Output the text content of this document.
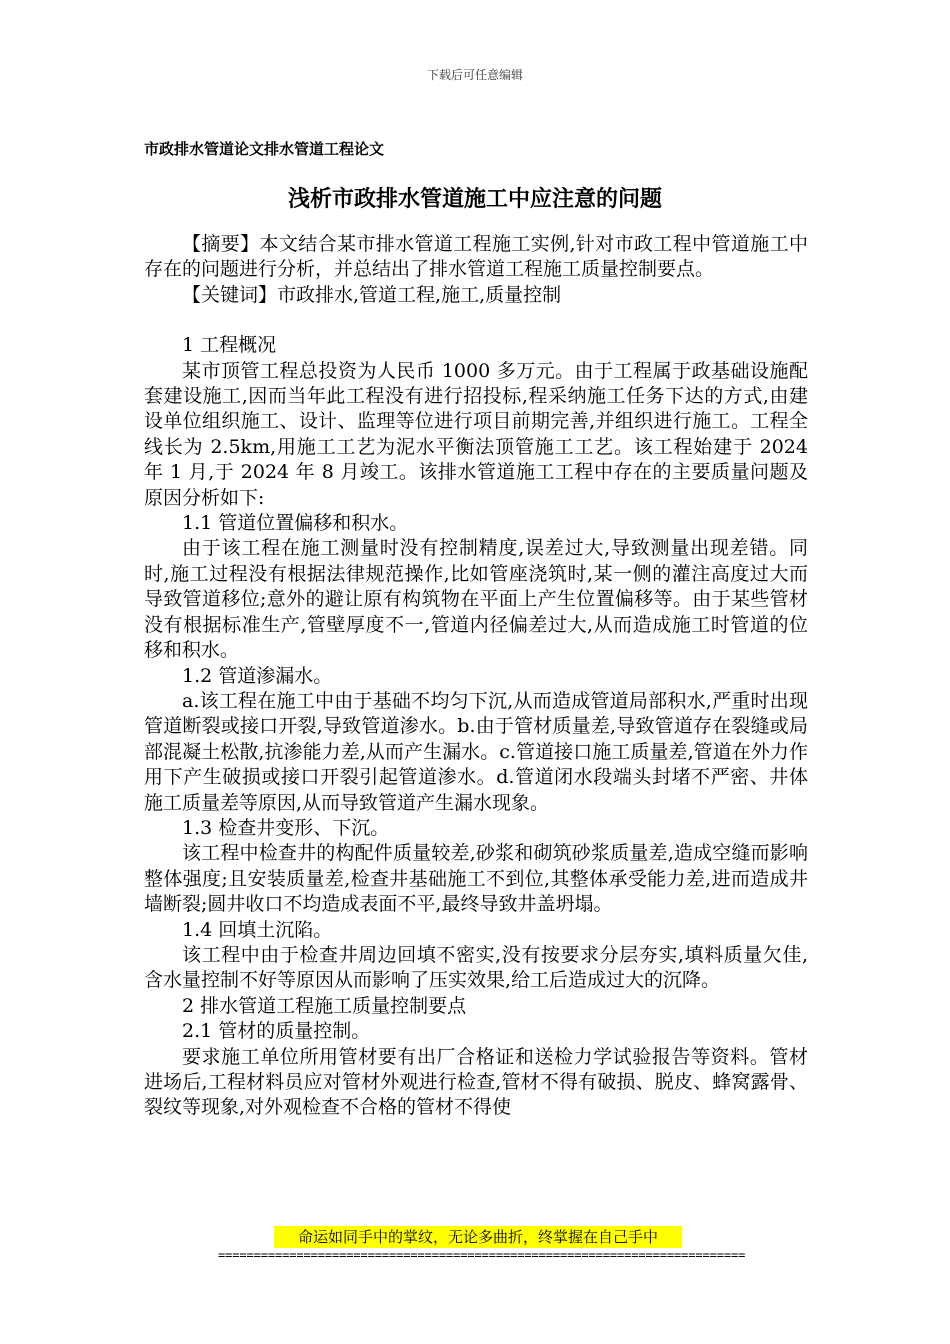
下载后可任意编辑
市政排水管道论文排水管道工程论文
浅析市政排水管道施工中应注意的问题

【摘要】本文结合某市排水管道工程施工实例,针对市政工程中管道施工中存在的问题进行分析，并总结出了排水管道工程施工质量控制要点。

【关键词】市政排水,管道工程,施工,质量控制

1 工程概况

某市顶管工程总投资为人民币 1000 多万元。由于工程属于政基础设施配套建设施工,因而当年此工程没有进行招投标,程采纳施工任务下达的方式,由建设单位组织施工、设计、监理等位进行项目前期完善,并组织进行施工。工程全线长为 2.5km,用施工工艺为泥水平衡法顶管施工工艺。该工程始建于 2024 年 1 月,于 2024 年 8 月竣工。该排水管道施工工程中存在的主要质量问题及原因分析如下:

1.1 管道位置偏移和积水。

由于该工程在施工测量时没有控制精度,误差过大,导致测量出现差错。同时,施工过程没有根据法律规范操作,比如管座浇筑时,某一侧的灌注高度过大而导致管道移位;意外的避让原有构筑物在平面上产生位置偏移等。由于某些管材没有根据标准生产,管壁厚度不一,管道内径偏差过大,从而造成施工时管道的位移和积水。

1.2 管道渗漏水。

a.该工程在施工中由于基础不均匀下沉,从而造成管道局部积水,严重时出现管道断裂或接口开裂,导致管道渗水。b.由于管材质量差,导致管道存在裂缝或局部混凝土松散,抗渗能力差,从而产生漏水。c.管道接口施工质量差,管道在外力作用下产生破损或接口开裂引起管道渗水。d.管道闭水段端头封堵不严密、井体施工质量差等原因,从而导致管道产生漏水现象。

1.3 检查井变形、下沉。

该工程中检查井的构配件质量较差,砂浆和砌筑砂浆质量差,造成空缝而影响整体强度;且安装质量差,检查井基础施工不到位,其整体承受能力差,进而造成井墙断裂;圆井收口不均造成表面不平,最终导致井盖坍塌。

1.4 回填土沉陷。

该工程中由于检查井周边回填不密实,没有按要求分层夯实,填料质量欠佳,含水量控制不好等原因从而影响了压实效果,给工后造成过大的沉降。

2 排水管道工程施工质量控制要点

2.1 管材的质量控制。

要求施工单位所用管材要有出厂合格证和送检力学试验报告等资料。管材进场后,工程材料员应对管材外观进行检查,管材不得有破损、脱皮、蜂窝露骨、裂纹等现象,对外观检查不合格的管材不得使

命运如同手中的掌纹，无论多曲折，终掌握在自己手中
==========================================================================
